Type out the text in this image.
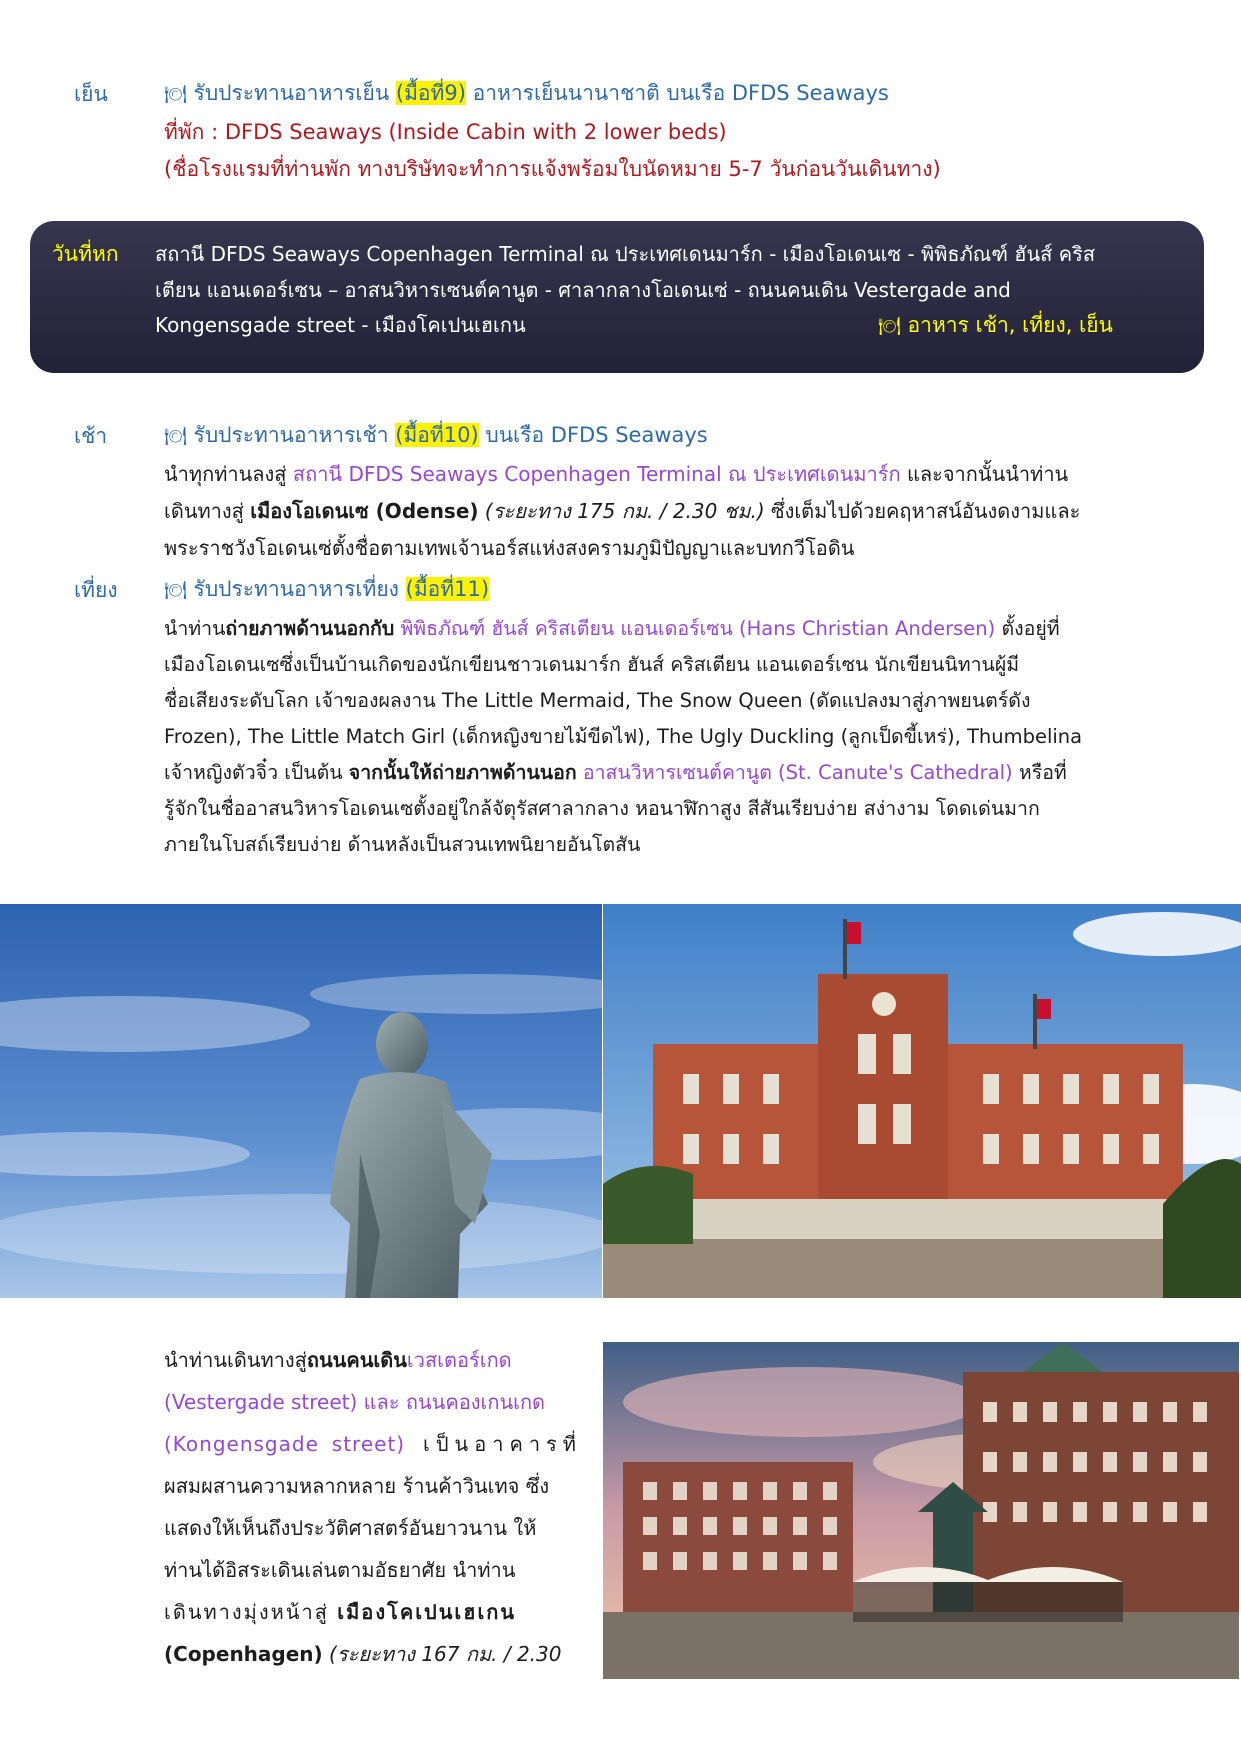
เย็น	🍽 รับประทานอาหารเย็น (มื้อที่9) อาหารเย็นนานาชาติ บนเรือ DFDS Seaways
ที่พัก : DFDS Seaways (Inside Cabin with 2 lower beds)
(ชื่อโรงแรมที่ท่านพัก ทางบริษัทจะทำการแจ้งพร้อมใบนัดหมาย 5-7 วันก่อนวันเดินทาง)
วันที่หก สถานี DFDS Seaways Copenhagen Terminal ณ ประเทศเดนมาร์ก - เมืองโอเดนเซ - พิพิธภัณฑ์ ฮันส์ คริส
เตียน แอนเดอร์เซน – อาสนวิหารเซนต์คานูต - ศาลากลางโอเดนเซ่ - ถนนคนเดิน Vestergade and
Kongensgade street - เมืองโคเปนเฮเกน	🍽 อาหาร เช้า, เที่ยง, เย็น
เช้า	🍽 รับประทานอาหารเช้า (มื้อที่10) บนเรือ DFDS Seaways
นำทุกท่านลงสู่ สถานี DFDS Seaways Copenhagen Terminal ณ ประเทศเดนมาร์ก และจากนั้นนำท่าน
เดินทางสู่ เมืองโอเดนเซ (Odense) (ระยะทาง 175 กม. / 2.30 ชม.) ซึ่งเต็มไปด้วยคฤหาสน์อันงดงามและ
พระราชวังโอเดนเซ่ตั้งชื่อตามเทพเจ้านอร์สแห่งสงครามภูมิปัญญาและบทกวีโอดิน
เที่ยง	🍽 รับประทานอาหารเที่ยง (มื้อที่11)
นำท่านถ่ายภาพด้านนอกกับ พิพิธภัณฑ์ ฮันส์ คริสเตียน แอนเดอร์เซน (Hans Christian Andersen) ตั้งอยู่ที่
เมืองโอเดนเซซึ่งเป็นบ้านเกิดของนักเขียนชาวเดนมาร์ก ฮันส์ คริสเตียน แอนเดอร์เซน นักเขียนนิทานผู้มี
ชื่อเสียงระดับโลก เจ้าของผลงาน The Little Mermaid, The Snow Queen (ดัดแปลงมาสู่ภาพยนตร์ดัง
Frozen), The Little Match Girl (เด็กหญิงขายไม้ขีดไฟ), The Ugly Duckling (ลูกเป็ดขี้เหร่), Thumbelina
เจ้าหญิงตัวจิ๋ว เป็นต้น จากนั้นให้ถ่ายภาพด้านนอก อาสนวิหารเซนต์คานูต (St. Canute's Cathedral) หรือที่
รู้จักในชื่ออาสนวิหารโอเดนเซตั้งอยู่ใกล้จัตุรัสศาลากลาง หอนาฬิกาสูง สีสันเรียบง่าย สง่างาม โดดเด่นมาก
ภายในโบสถ์เรียบง่าย ด้านหลังเป็นสวนเทพนิยายอันโตสัน
นำท่านเดินทางสู่ถนนคนเดินเวสเตอร์เกด
(Vestergade street) และ ถนนคองเกนเกด
(Kongensgade street) เป็นอาคารที่
ผสมผสานความหลากหลาย ร้านค้าวินเทจ ซึ่ง
แสดงให้เห็นถึงประวัติศาสตร์อันยาวนาน ให้
ท่านได้อิสระเดินเล่นตามอัธยาศัย นำท่าน
เดินทางมุ่งหน้าสู่ เมืองโคเปนเฮเกน
(Copenhagen) (ระยะทาง 167 กม. / 2.30
